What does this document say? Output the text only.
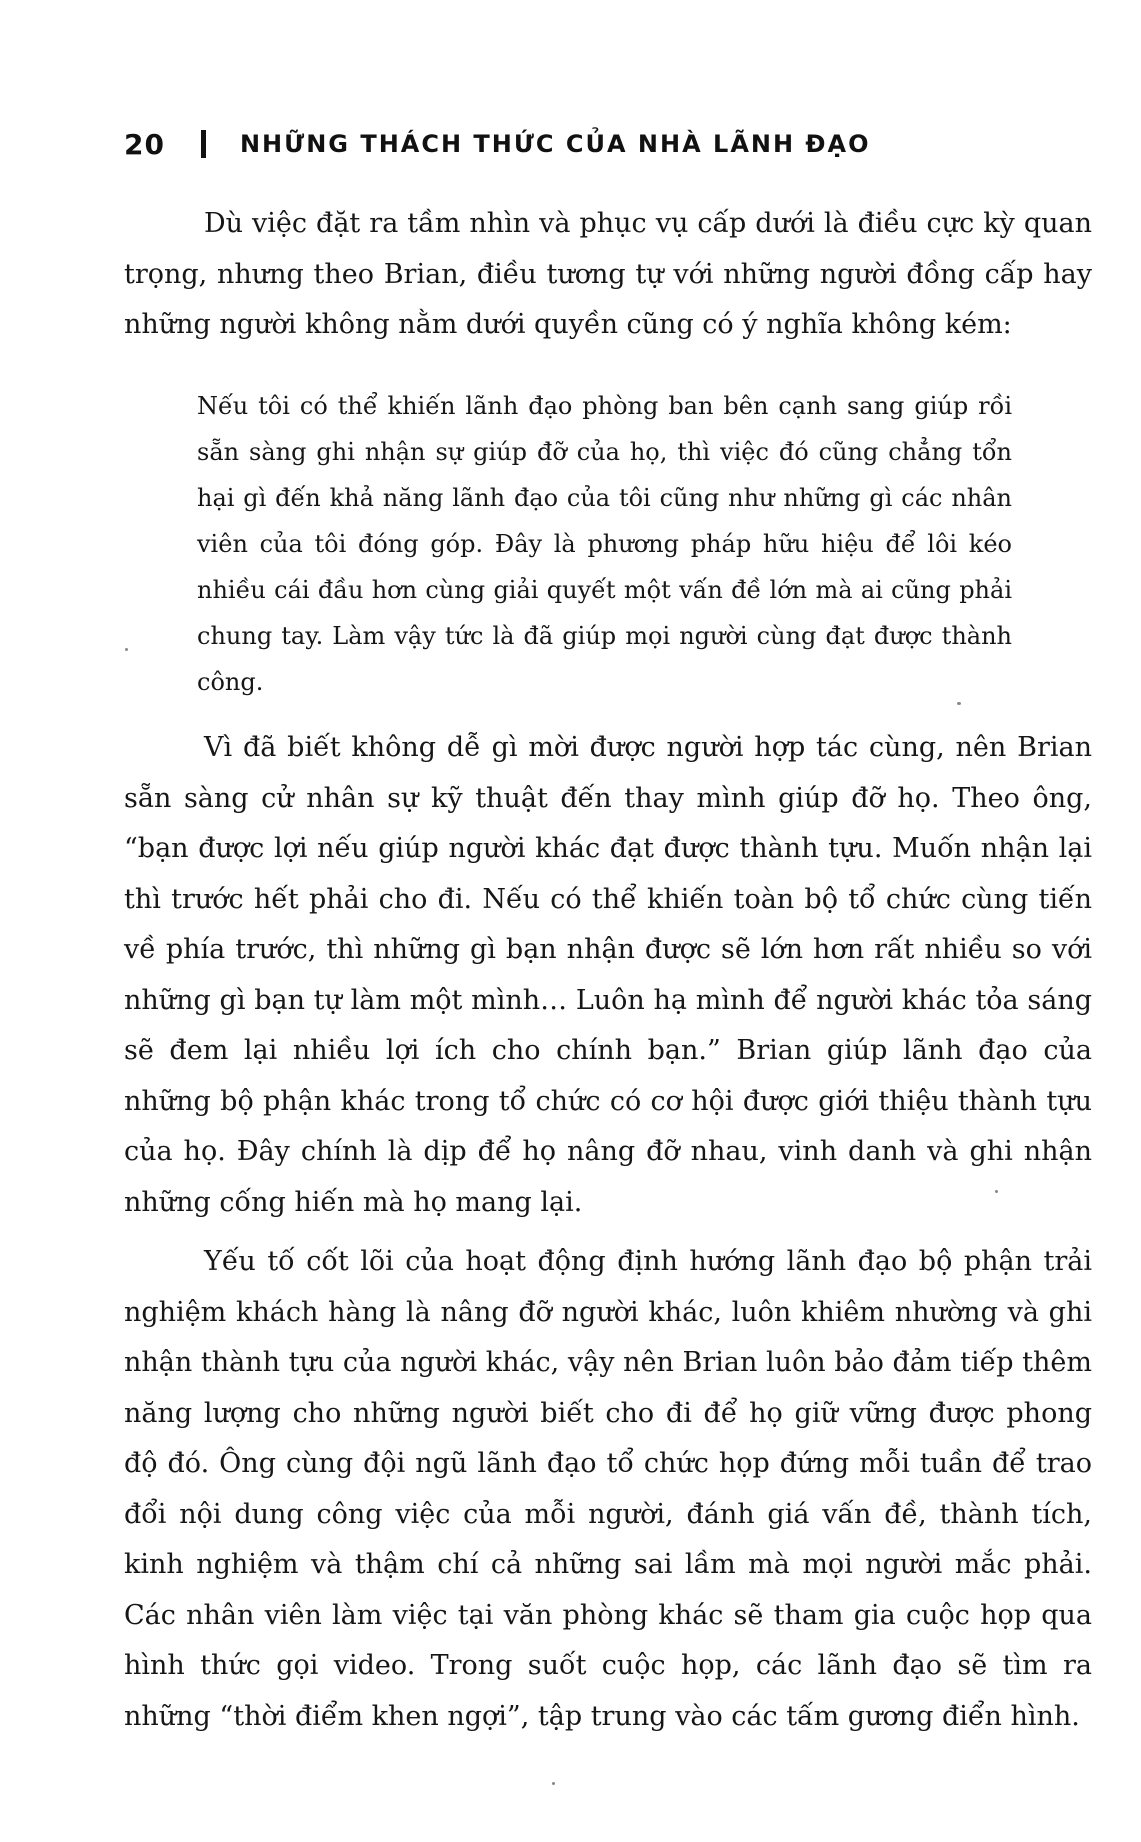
20	NHỮNG THÁCH THỨC CỦA NHÀ LÃNH ĐẠO

Dù việc đặt ra tầm nhìn và phục vụ cấp dưới là điều cực kỳ quan trọng, nhưng theo Brian, điều tương tự với những người đồng cấp hay những người không nằm dưới quyền cũng có ý nghĩa không kém:

Nếu tôi có thể khiến lãnh đạo phòng ban bên cạnh sang giúp rồi sẵn sàng ghi nhận sự giúp đỡ của họ, thì việc đó cũng chẳng tổn hại gì đến khả năng lãnh đạo của tôi cũng như những gì các nhân viên của tôi đóng góp. Đây là phương pháp hữu hiệu để lôi kéo nhiều cái đầu hơn cùng giải quyết một vấn đề lớn mà ai cũng phải chung tay. Làm vậy tức là đã giúp mọi người cùng đạt được thành công.

Vì đã biết không dễ gì mời được người hợp tác cùng, nên Brian sẵn sàng cử nhân sự kỹ thuật đến thay mình giúp đỡ họ. Theo ông, “bạn được lợi nếu giúp người khác đạt được thành tựu. Muốn nhận lại thì trước hết phải cho đi. Nếu có thể khiến toàn bộ tổ chức cùng tiến về phía trước, thì những gì bạn nhận được sẽ lớn hơn rất nhiều so với những gì bạn tự làm một mình… Luôn hạ mình để người khác tỏa sáng sẽ đem lại nhiều lợi ích cho chính bạn.” Brian giúp lãnh đạo của những bộ phận khác trong tổ chức có cơ hội được giới thiệu thành tựu của họ. Đây chính là dịp để họ nâng đỡ nhau, vinh danh và ghi nhận những cống hiến mà họ mang lại.

Yếu tố cốt lõi của hoạt động định hướng lãnh đạo bộ phận trải nghiệm khách hàng là nâng đỡ người khác, luôn khiêm nhường và ghi nhận thành tựu của người khác, vậy nên Brian luôn bảo đảm tiếp thêm năng lượng cho những người biết cho đi để họ giữ vững được phong độ đó. Ông cùng đội ngũ lãnh đạo tổ chức họp đứng mỗi tuần để trao đổi nội dung công việc của mỗi người, đánh giá vấn đề, thành tích, kinh nghiệm và thậm chí cả những sai lầm mà mọi người mắc phải. Các nhân viên làm việc tại văn phòng khác sẽ tham gia cuộc họp qua hình thức gọi video. Trong suốt cuộc họp, các lãnh đạo sẽ tìm ra những “thời điểm khen ngợi”, tập trung vào các tấm gương điển hình.
